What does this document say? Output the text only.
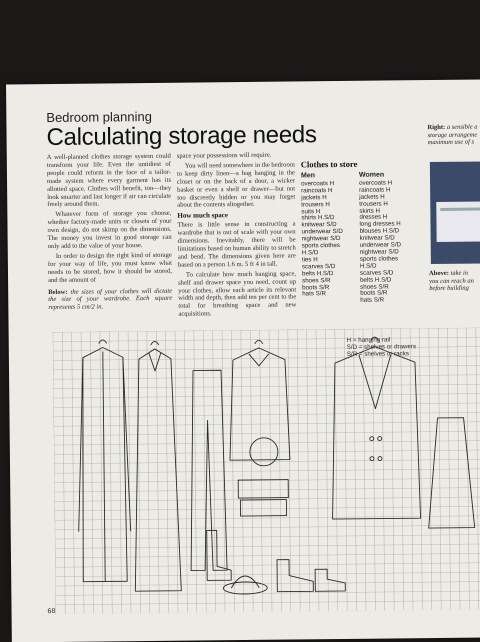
Bedroom planning
Calculating storage needs

A well-planned clothes storage system could transform your life. Even the untidiest of people could reform in the face of a tailor-made system where every garment has its allotted space. Clothes will benefit, too—they look smarter and last longer if air can circulate freely around them.

Whatever form of storage you choose, whether factory-made units or closets of your own design, do not skimp on the dimensions. The money you invest in good storage can only add to the value of your house.

In order to design the right kind of storage for your way of life, you must know what needs to be stored, how it should be stored, and the amount of

Below: the sizes of your clothes will dictate the size of your wardrobe. Each square represents 5 cm/2 in.

space your possessions will require.

You will need somewhere in the bedroom to keep dirty linen—a bag hanging in the closet or on the back of a door, a wicker basket or even a shelf or drawer—but not too discreetly hidden or you may forget about the contents altogether.

How much space

There is little sense in constructing a wardrobe that is out of scale with your own dimensions. Inevitably, there will be limitations based on human ability to stretch and bend. The dimensions given here are based on a person 1.6 m. 5 ft 4 in tall.

To calculate how much hanging space, shelf and drawer space you need, count up your clothes, allow each article its relevant width and depth, then add ten per cent to the total for breathing space and new acquisitions.

Clothes to store
Men
overcoats H
raincoats H
jackets H
trousers H
suits H
shirts H.S/D
knitwear S/D
underwear S/D
nightwear S/D
sports clothes
H.S/D
ties H
scarves S/D
belts H.S/D
shoes S/R
boots S/R
hats S/R
Women
overcoats H
raincoats H
jackets H
trousers H
skirts H
dresses H
long dresses H
blouses H.S/D
knitwear S/D
underwear S/D
nightwear S/D
sports clothes
H.S/D
scarves S/D
belts H.S/D
shoes S/R
boots S/R
hats S/R
Right: a sensible a
storage arrangeme
maximum use of s
Above: take in
you can reach an
before building
68
